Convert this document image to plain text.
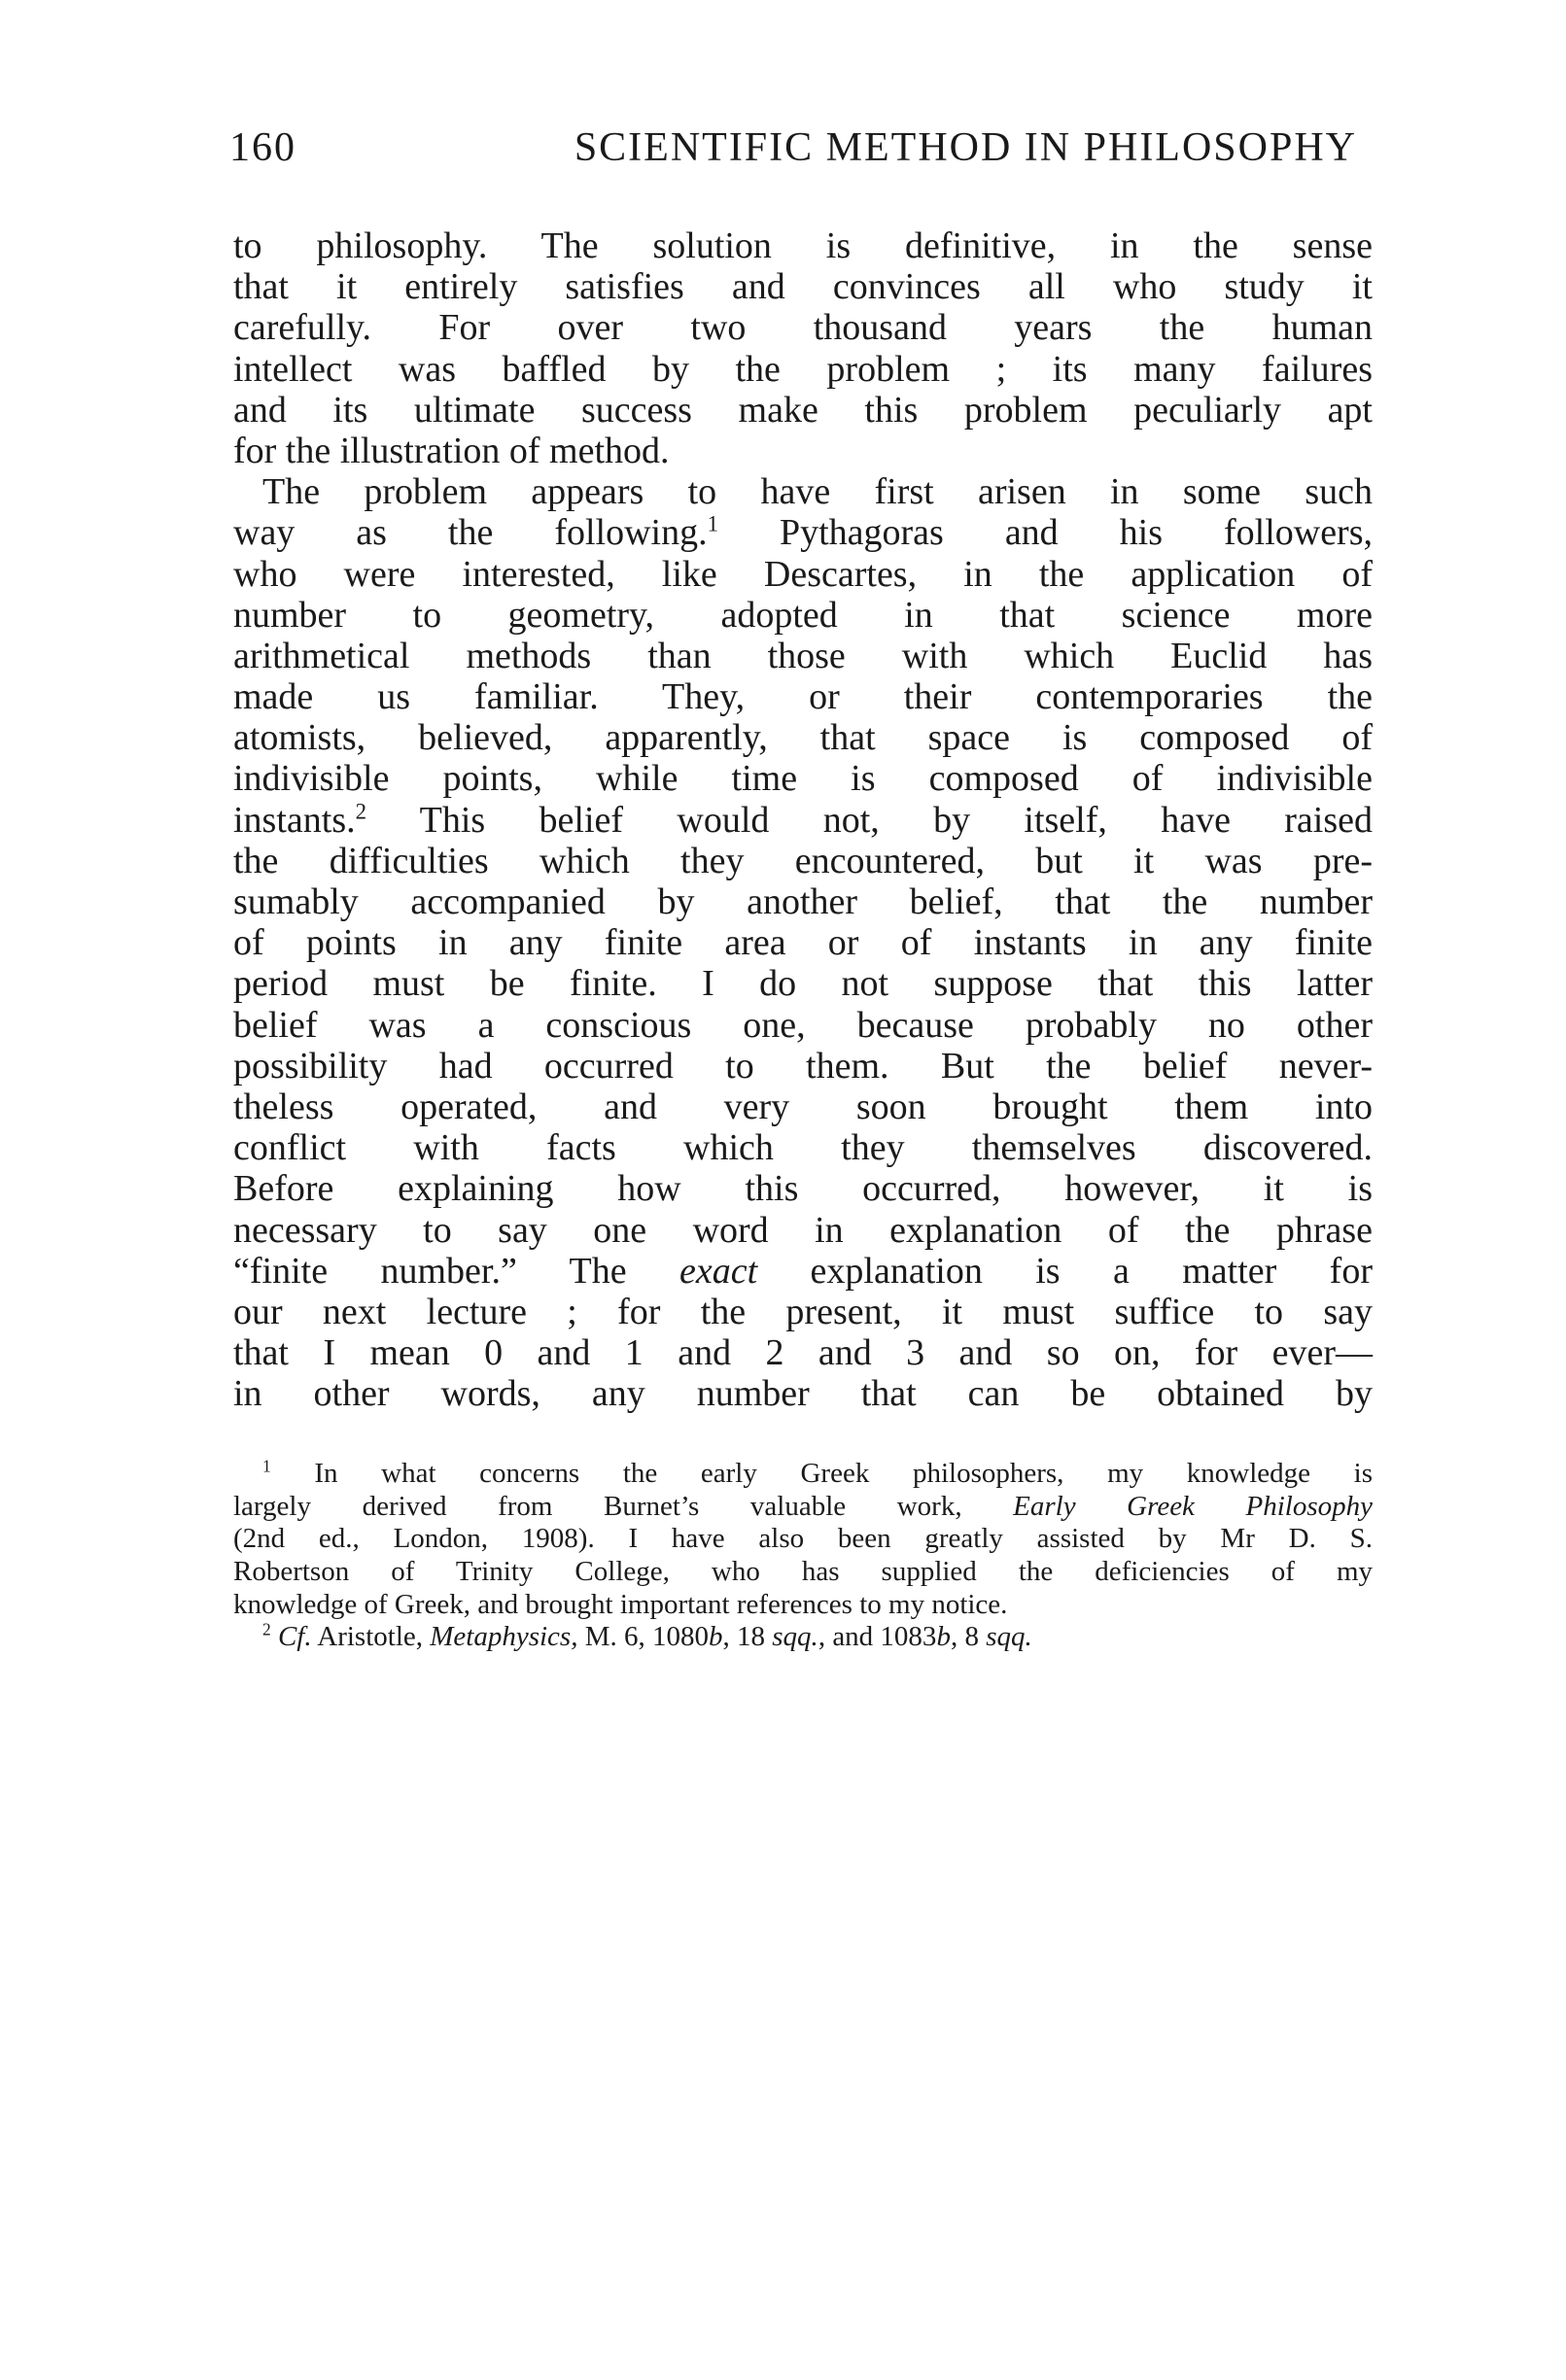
160	SCIENTIFIC METHOD IN PHILOSOPHY
to philosophy. The solution is definitive, in the sense
that it entirely satisfies and convinces all who study it
carefully. For over two thousand years the human
intellect was baffled by the problem ; its many failures
and its ultimate success make this problem peculiarly apt
for the illustration of method.
The problem appears to have first arisen in some such
way as the following.$^1$ Pythagoras and his followers,
who were interested, like Descartes, in the application of
number to geometry, adopted in that science more
arithmetical methods than those with which Euclid has
made us familiar. They, or their contemporaries the
atomists, believed, apparently, that space is composed of
indivisible points, while time is composed of indivisible
instants.$^2$ This belief would not, by itself, have raised
the difficulties which they encountered, but it was pre-
sumably accompanied by another belief, that the number
of points in any finite area or of instants in any finite
period must be finite. I do not suppose that this latter
belief was a conscious one, because probably no other
possibility had occurred to them. But the belief never-
theless operated, and very soon brought them into
conflict with facts which they themselves discovered.
Before explaining how this occurred, however, it is
necessary to say one word in explanation of the phrase
“finite number.” The exact explanation is a matter for
our next lecture ; for the present, it must suffice to say
that I mean 0 and 1 and 2 and 3 and so on, for ever—
in other words, any number that can be obtained by
$^1$ In what concerns the early Greek philosophers, my knowledge is
largely derived from Burnet’s valuable work, Early Greek Philosophy
(2nd ed., London, 1908). I have also been greatly assisted by Mr D. S.
Robertson of Trinity College, who has supplied the deficiencies of my
knowledge of Greek, and brought important references to my notice.
$^2$ Cf. Aristotle, Metaphysics, M. 6, 1080b, 18 sqq., and 1083b, 8 sqq.
